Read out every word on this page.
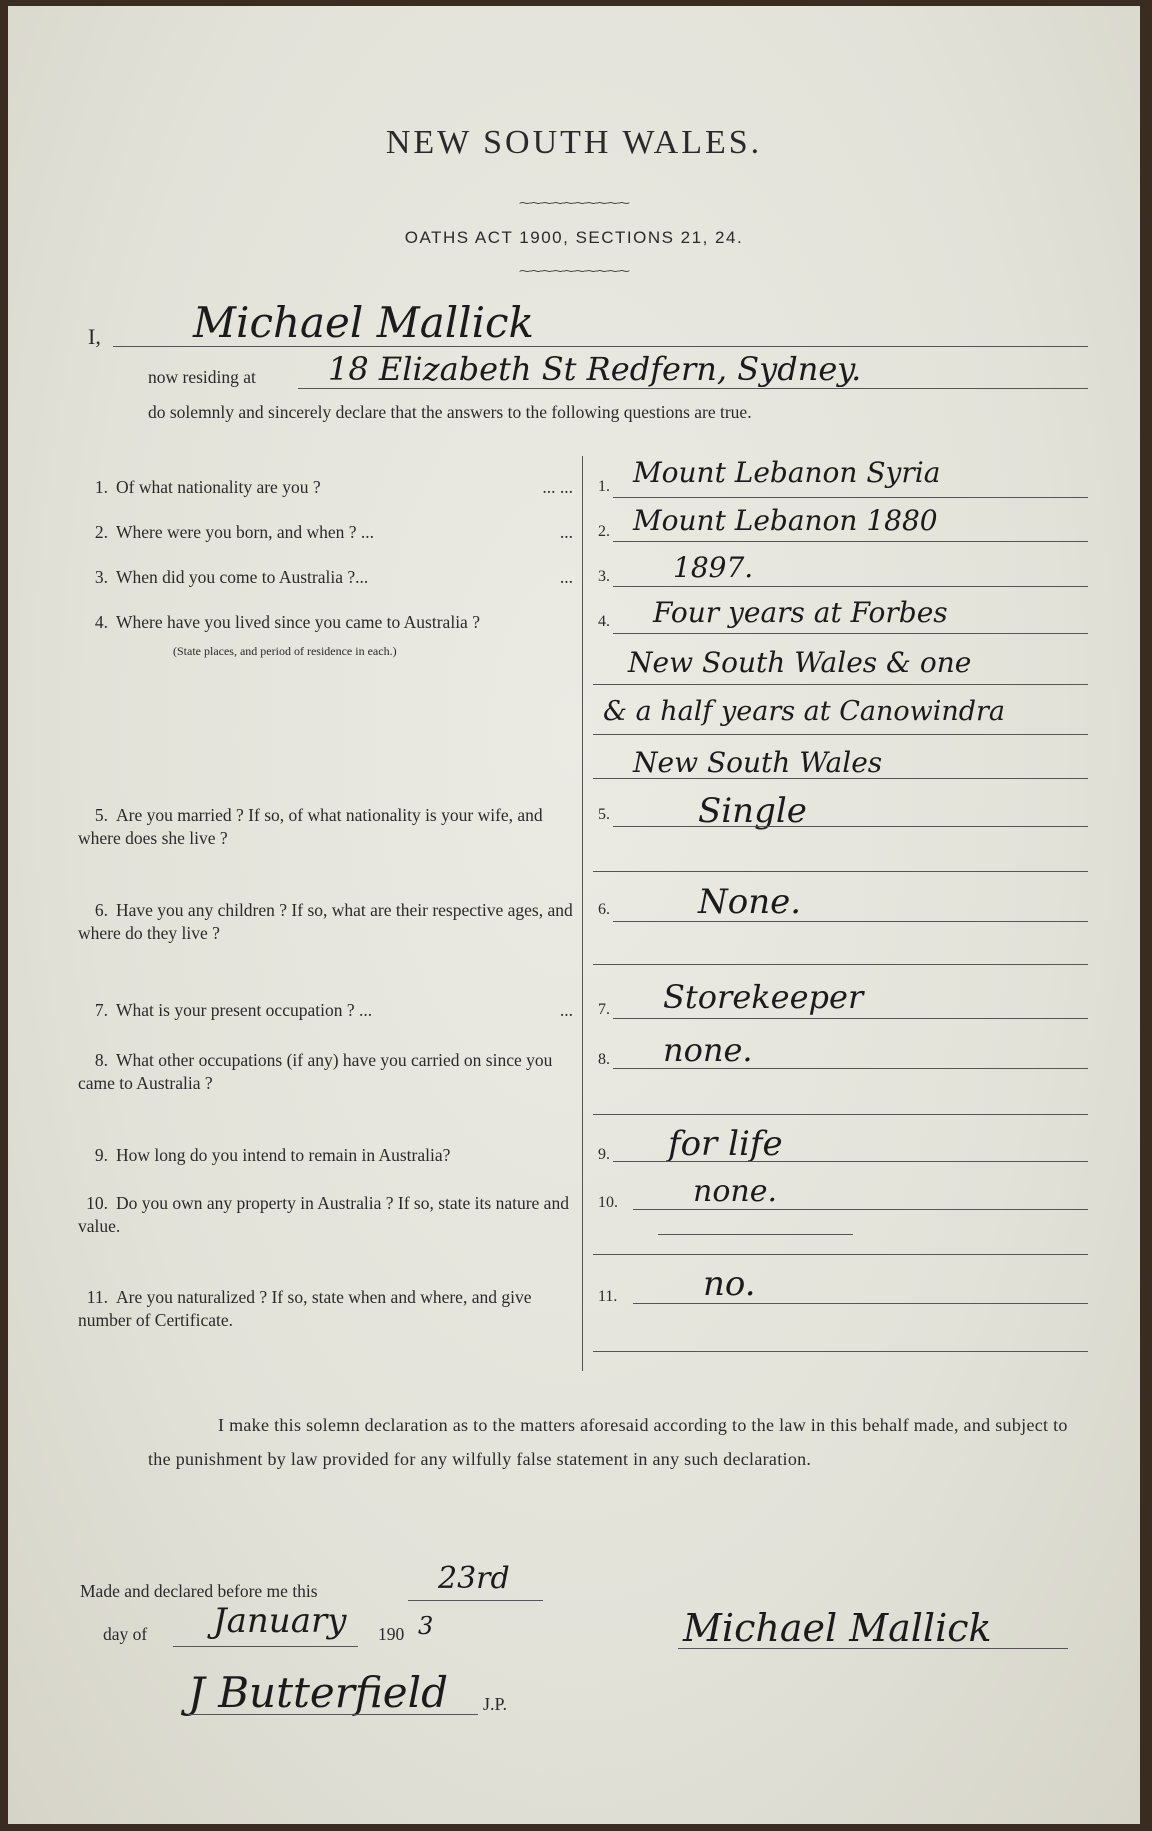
NEW SOUTH WALES.
⁓⁓⁓⁓⁓⁓⁓⁓⁓⁓
OATHS ACT 1900, SECTIONS 21, 24.
⁓⁓⁓⁓⁓⁓⁓⁓⁓⁓
I, Michael Mallick
now residing at 18 Elizabeth St Redfern, Sydney.
do solemnly and sincerely declare that the answers to the following questions are true.
1. Of what nationality are you ?	... ... 1. Mount Lebanon Syria
2. Where were you born, and when ? ...	... 2. Mount Lebanon 1880
3. When did you come to Australia ?...	... 3. 1897.
4. Where have you lived since you came to Australia ?
(State places, and period of residence in each.)
4. Four years at Forbes
New South Wales & one
& a half years at Canowindra
New South Wales
5. Are you married ? If so, of what nationality is your wife, and where does she live ?
5.	Single
6. Have you any children ? If so, what are their respective ages, and where do they live ?
6.	None.
7. What is your present occupation ? ...	... 7. Storekeeper
8. What other occupations (if any) have you carried on since you came to Australia ?
8. none.
9. How long do you intend to remain in Australia?	9. for life
10. Do you own any property in Australia ? If so, state its nature and value.
10.	none.
11. Are you naturalized ? If so, state when and where, and give number of Certificate.
11.	no.
I make this solemn declaration as to the matters aforesaid according to the law in this behalf made, and subject to the punishment by law provided for any wilfully false statement in any such declaration.
Made and declared before me this	23rd
day of January 190 3
J Butterfield J.P.
Michael Mallick
